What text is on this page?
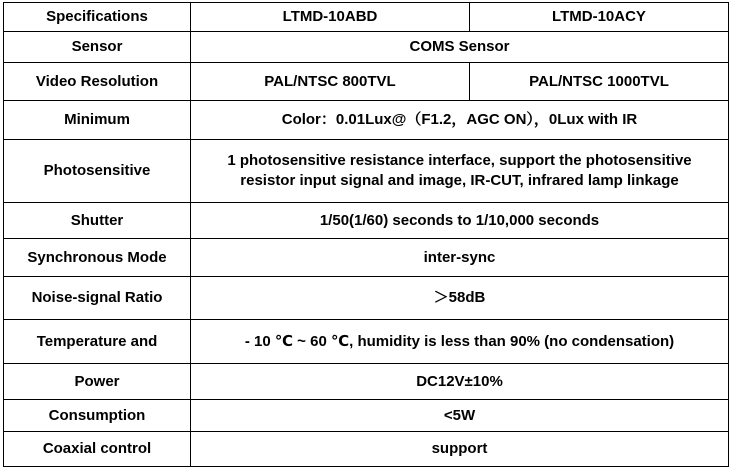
Specifications	LTMD-10ABD	LTMD-10ACY
Sensor	COMS Sensor	
Video Resolution	PAL/NTSC 800TVL	PAL/NTSC 1000TVL
Minimum	Color：0.01Lux@（F1.2，AGC ON），0Lux with IR	
Photosensitive	1 photosensitive resistance interface, support the photosensitive
resistor input signal and image, IR-CUT, infrared lamp linkage	

Shutter	1/50(1/60) seconds to 1/10,000 seconds	
Synchronous Mode	inter-sync	
Noise-signal Ratio	＞58dB	
Temperature and	- 10 ℃ ~ 60 ℃, humidity is less than 90% (no condensation)	
Power	DC12V±10%	
Consumption	<5W	
Coaxial control	support	
